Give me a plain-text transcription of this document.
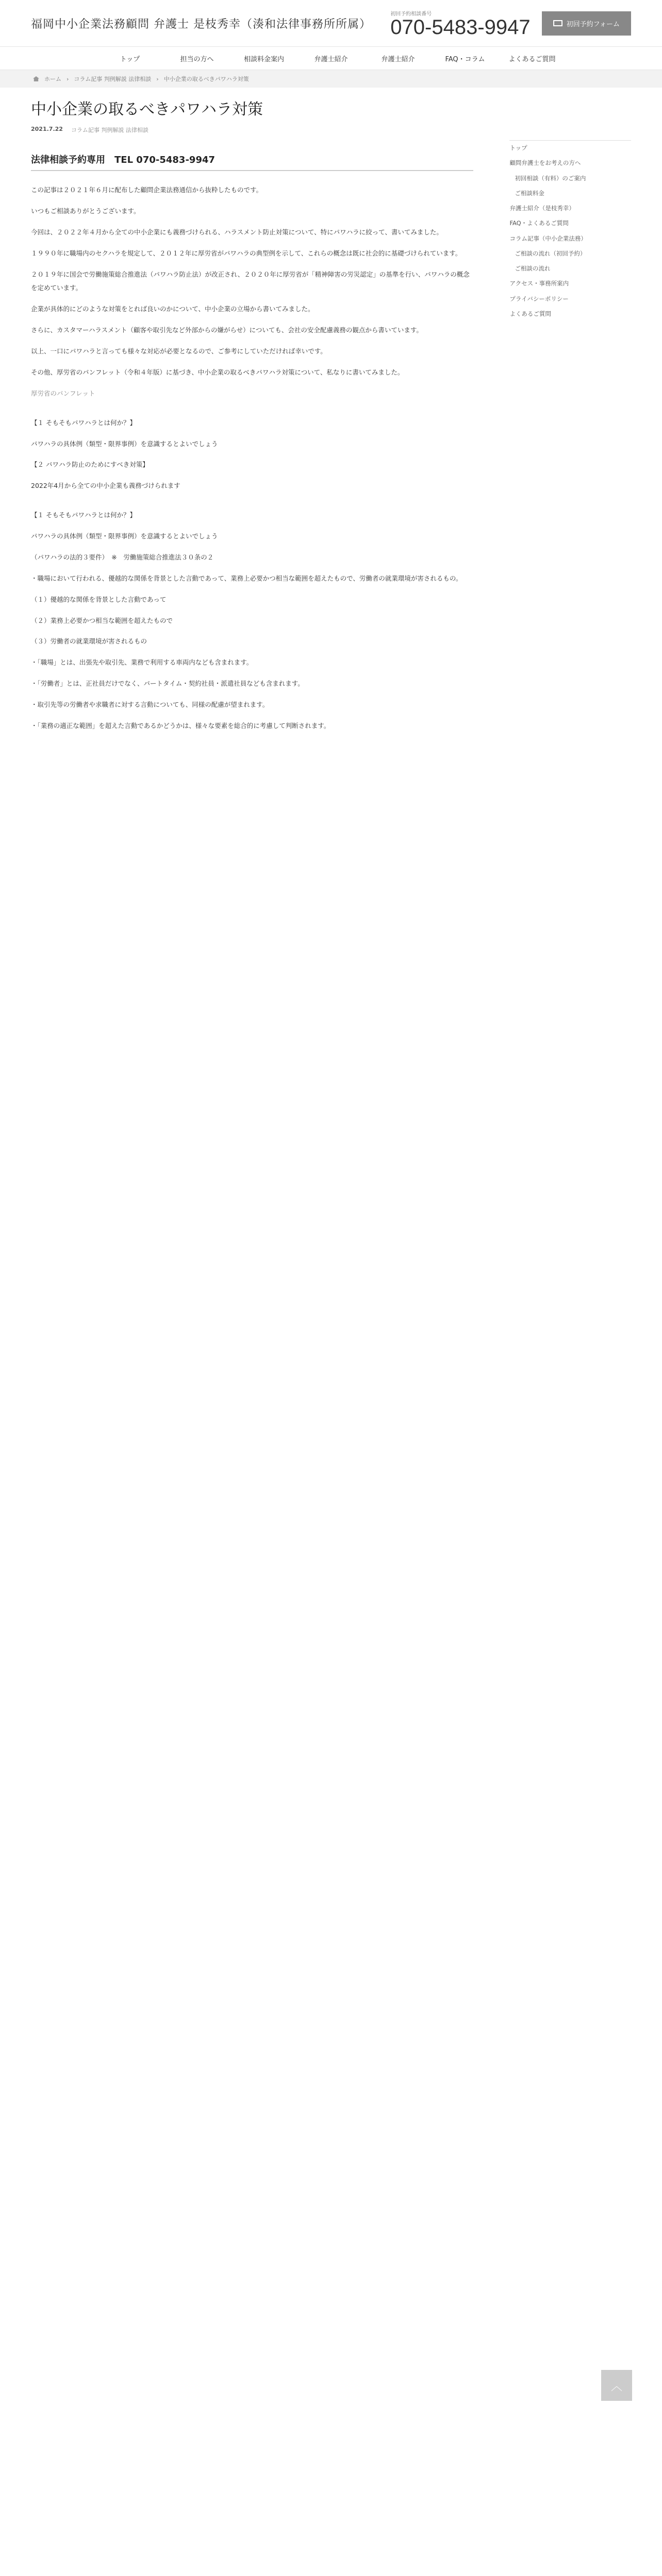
福岡中小企業法務顧問 弁護士 是枝秀幸（湊和法律事務所所属）
初回予約相談番号
070-5483-9947	初回予約フォーム
トップ	担当の方へ	相談料金案内	弁護士紹介	弁護士紹介	FAQ・コラム	よくあるご質問
ホーム › コラム記事 判例解説 法律相談 › 中小企業の取るべきパワハラ対策
中小企業の取るべきパワハラ対策
2021.7.22 コラム記事 判例解説 法律相談
法律相談予約専用　TEL 070-5483-9947

この記事は２０２１年６月に配布した顧問企業法務通信から抜粋したものです。

いつもご相談ありがとうございます。

今回は、２０２２年４月から全ての中小企業にも義務づけられる、ハラスメント防止対策について、特にパワハラに絞って、書いてみました。

１９９０年に職場内のセクハラを規定して、２０１２年に厚労省がパワハラの典型例を示して、これらの概念は既に社会的に基礎づけられています。

２０１９年に国会で労働施策総合推進法（パワハラ防止法）が改正され、２０２０年に厚労省が「精神障害の労災認定」の基準を行い、パワハラの概念を定めています。

企業が具体的にどのような対策をとれば良いのかについて、中小企業の立場から書いてみました。

さらに、カスタマーハラスメント（顧客や取引先など外部からの嫌がらせ）についても、会社の安全配慮義務の観点から書いています。

以上、一口にパワハラと言っても様々な対応が必要となるので、ご参考にしていただければ幸いです。

その他、厚労省のパンフレット（令和４年版）に基づき、中小企業の取るべきパワハラ対策について、私なりに書いてみました。

厚労省のパンフレット

【１ そもそもパワハラとは何か？】

パワハラの具体例（類型・限界事例）を意識するとよいでしょう

【２ パワハラ防止のためにすべき対策】

2022年4月から全ての中小企業も義務づけられます

【１ そもそもパワハラとは何か？】

パワハラの具体例（類型・限界事例）を意識するとよいでしょう

（パワハラの法的３要件）　※　労働施策総合推進法３０条の２

・職場において行われる、優越的な関係を背景とした言動であって、業務上必要かつ相当な範囲を超えたもので、労働者の就業環境が害されるもの。

（１）優越的な関係を背景とした言動であって

（２）業務上必要かつ相当な範囲を超えたもので

（３）労働者の就業環境が害されるもの

・「職場」とは、出張先や取引先、業務で利用する車両内なども含まれます。

・「労働者」とは、正社員だけでなく、パートタイム・契約社員・派遣社員なども含まれます。

・取引先等の労働者や求職者に対する言動についても、同様の配慮が望まれます。

・「業務の適正な範囲」を超えた言動であるかどうかは、様々な要素を総合的に考慮して判断されます。

トップ
顧問弁護士をお考えの方へ
初回相談（有料）のご案内
ご相談料金
弁護士紹介（是枝秀幸）
FAQ・よくあるご質問
コラム記事（中小企業法務）
ご相談の流れ（初回予約）
ご相談の流れ
アクセス・事務所案内
プライバシーポリシー
よくあるご質問
︿
